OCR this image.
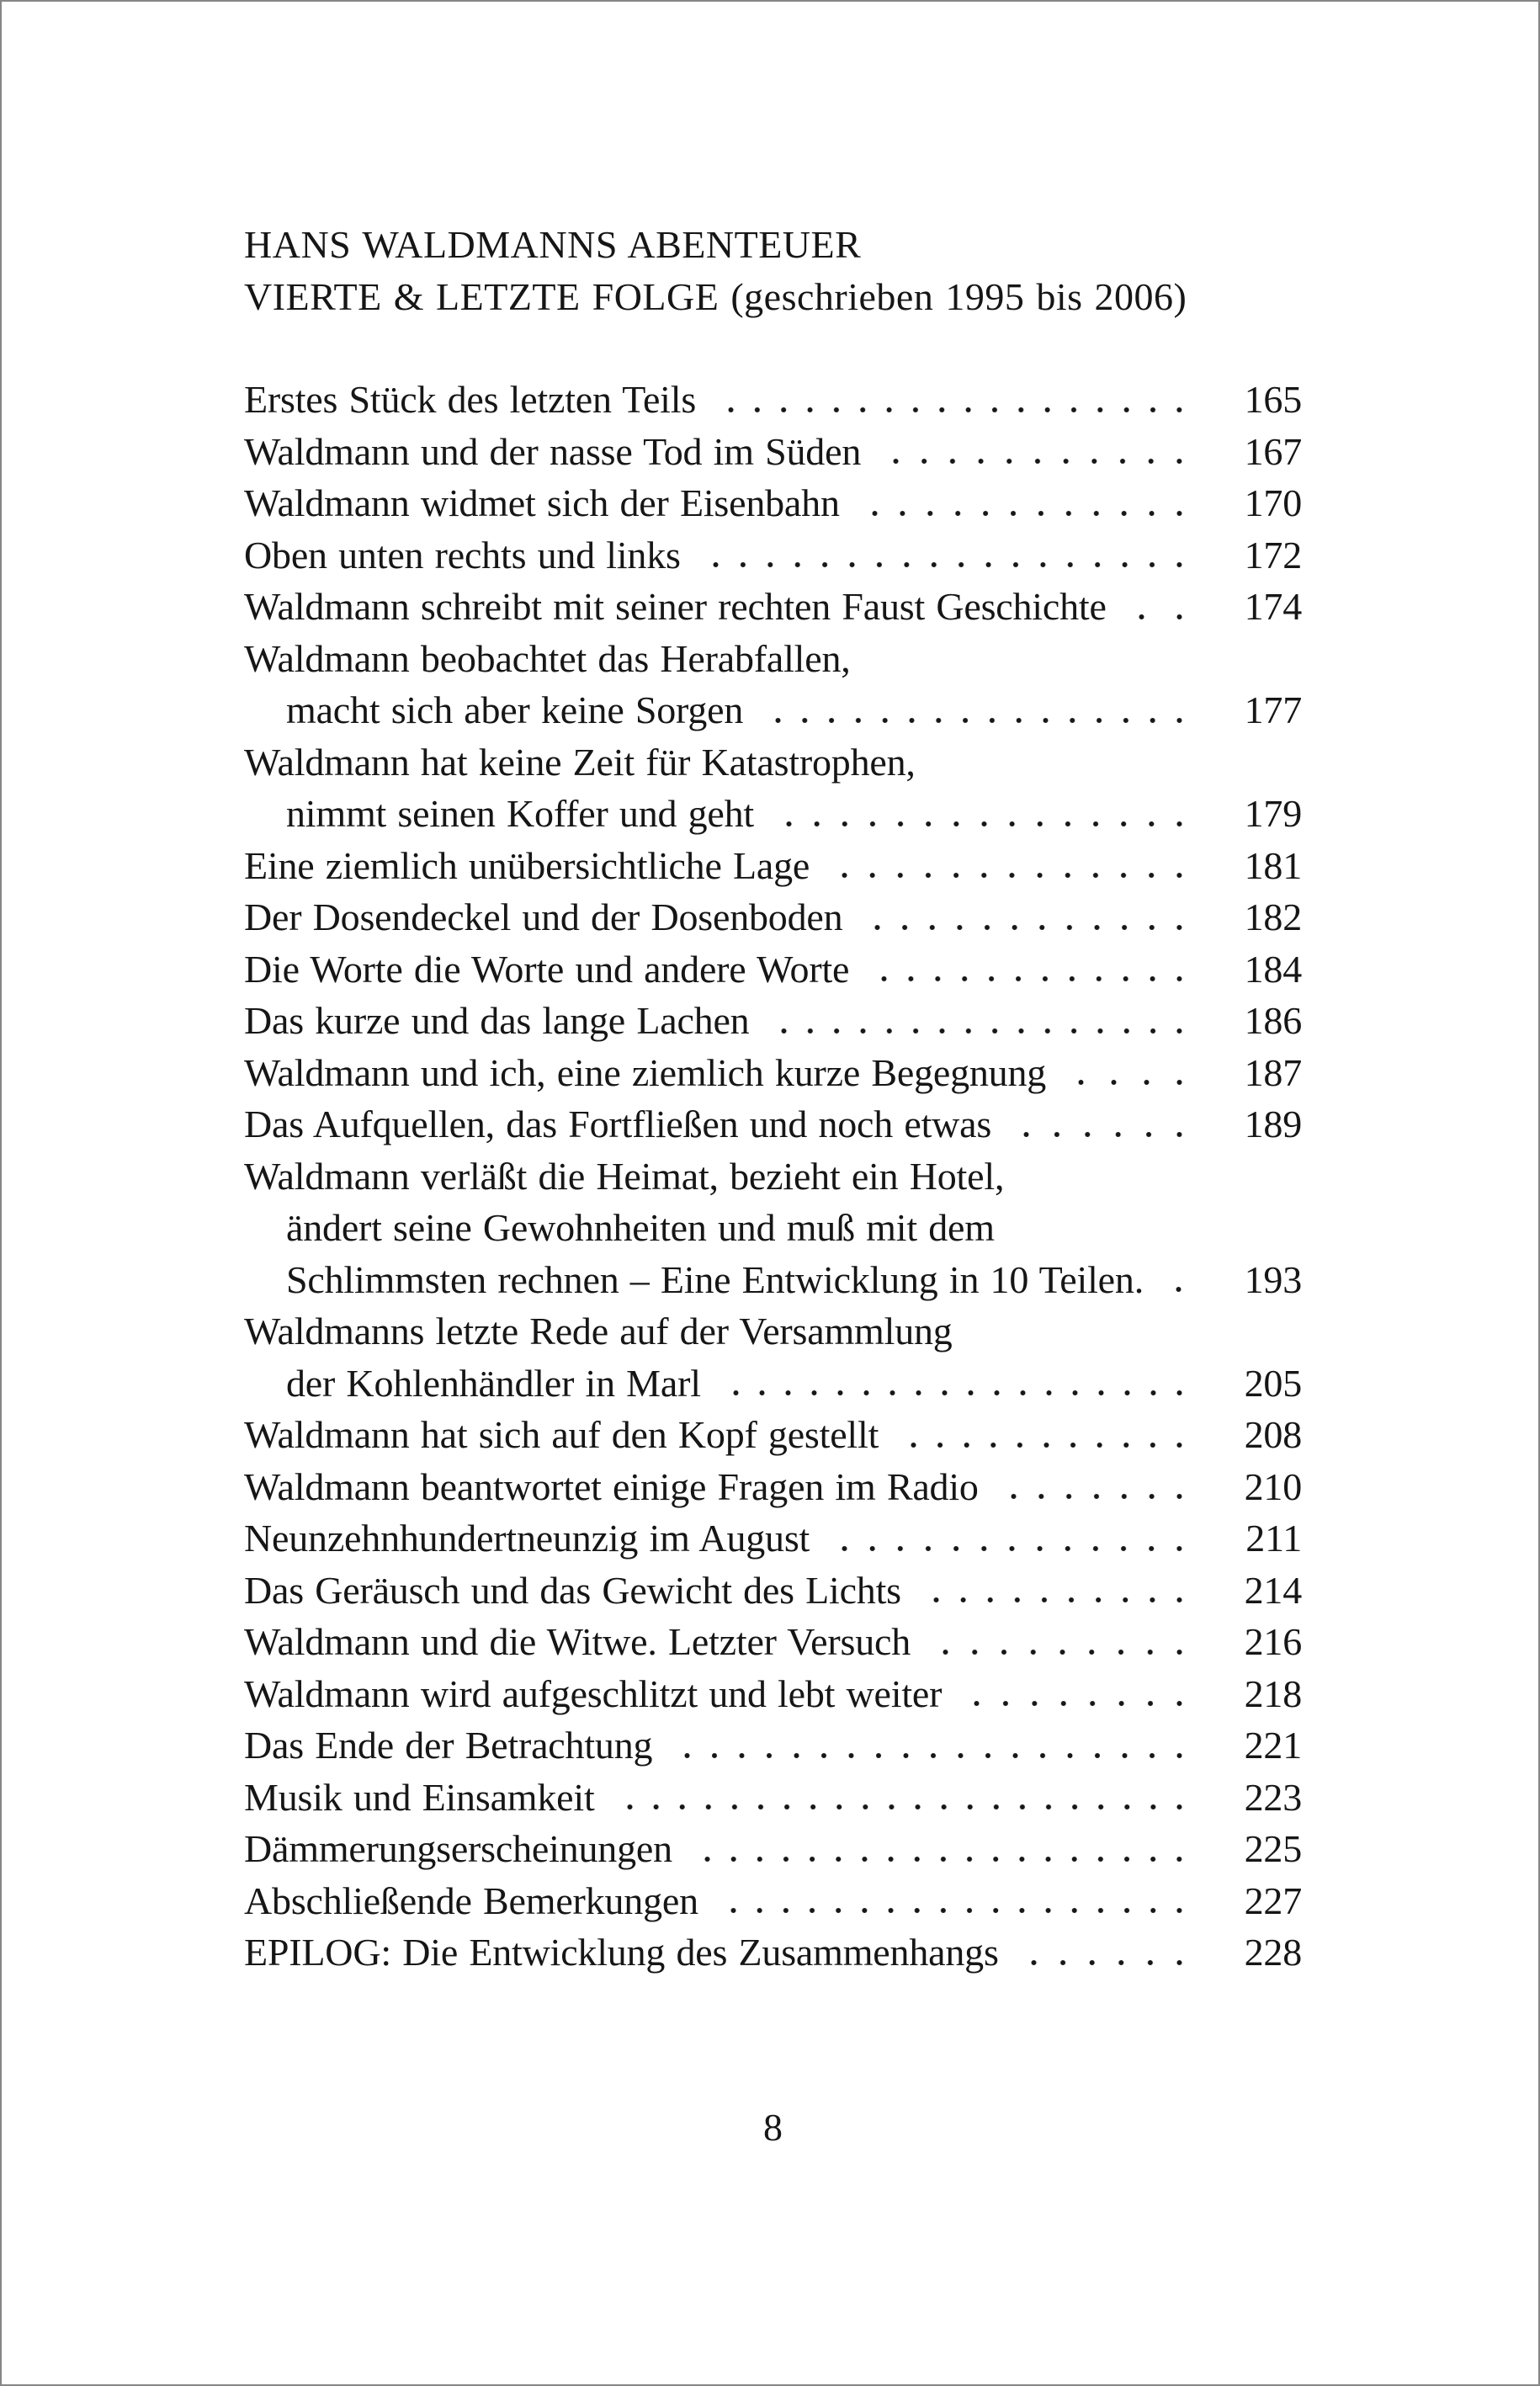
HANS WALDMANNS ABENTEUER
VIERTE & LETZTE FOLGE (geschrieben 1995 bis 2006)
Erstes Stück des letzten Teils	165
Waldmann und der nasse Tod im Süden	167
Waldmann widmet sich der Eisenbahn	170
Oben unten rechts und links	172
Waldmann schreibt mit seiner rechten Faust Geschichte	174
Waldmann beobachtet das Herabfallen,
macht sich aber keine Sorgen	177
Waldmann hat keine Zeit für Katastrophen,
nimmt seinen Koffer und geht	179
Eine ziemlich unübersichtliche Lage	181
Der Dosendeckel und der Dosenboden	182
Die Worte die Worte und andere Worte	184
Das kurze und das lange Lachen	186
Waldmann und ich, eine ziemlich kurze Begegnung	187
Das Aufquellen, das Fortfließen und noch etwas	189
Waldmann verläßt die Heimat, bezieht ein Hotel,
ändert seine Gewohnheiten und muß mit dem
Schlimmsten rechnen – Eine Entwicklung in 10 Teilen.	193
Waldmanns letzte Rede auf der Versammlung
der Kohlenhändler in Marl	205
Waldmann hat sich auf den Kopf gestellt	208
Waldmann beantwortet einige Fragen im Radio	210
Neunzehnhundertneunzig im August	211
Das Geräusch und das Gewicht des Lichts	214
Waldmann und die Witwe. Letzter Versuch	216
Waldmann wird aufgeschlitzt und lebt weiter	218
Das Ende der Betrachtung	221
Musik und Einsamkeit	223
Dämmerungserscheinungen	225
Abschließende Bemerkungen	227
EPILOG: Die Entwicklung des Zusammenhangs	228
8
